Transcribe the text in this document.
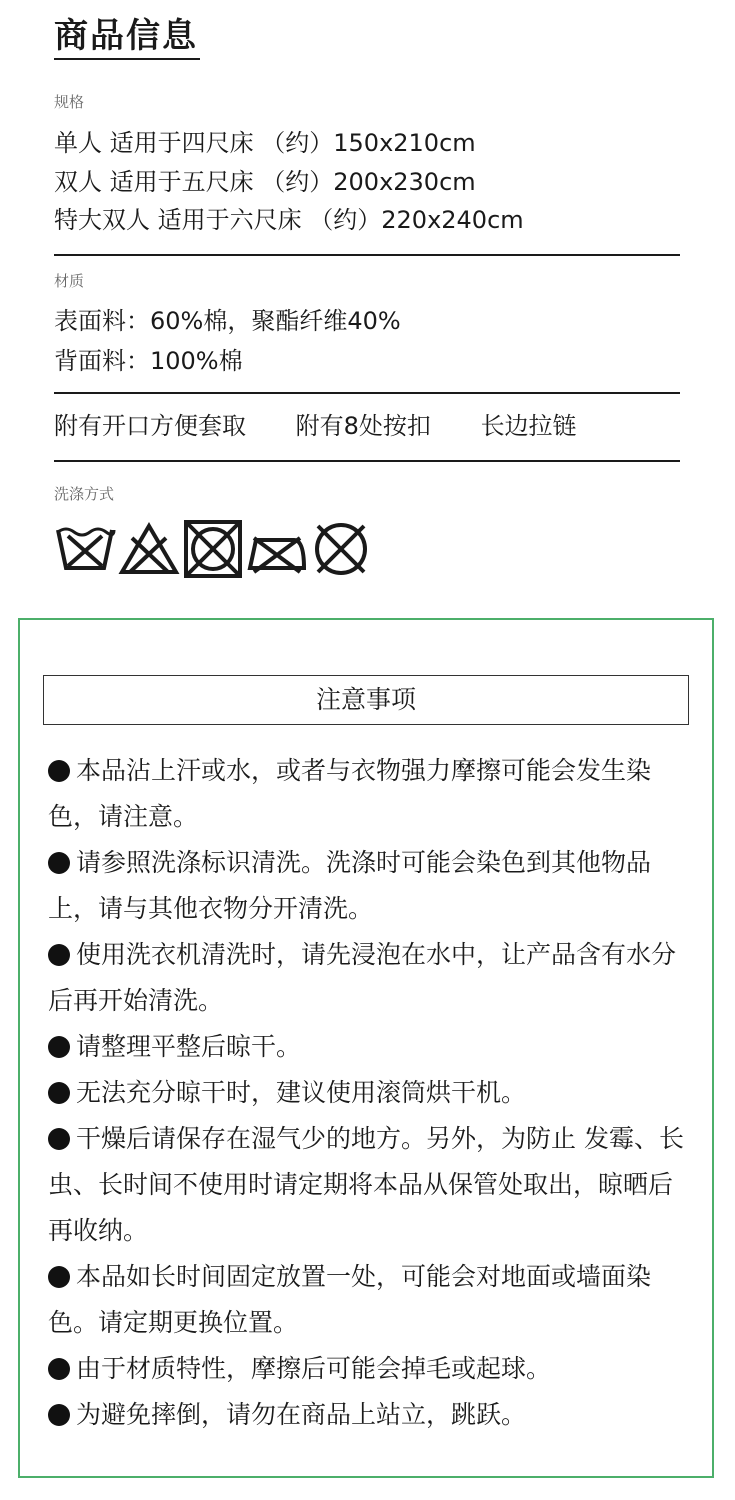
商品信息
规格
单人 适用于四尺床 （约）150x210cm
双人 适用于五尺床 （约）200x230cm
特大双人 适用于六尺床 （约）220x240cm
材质
表面料：60%棉，聚酯纤维40%
背面料：100%棉
附有开口方便套取 附有8处按扣 长边拉链
洗涤方式
注意事项
本品沾上汗或水，或者与衣物强力摩擦可能会发生染色，请注意。
请参照洗涤标识清洗。洗涤时可能会染色到其他物品上，请与其他衣物分开清洗。
使用洗衣机清洗时，请先浸泡在水中，让产品含有水分后再开始清洗。
请整理平整后晾干。
无法充分晾干时，建议使用滚筒烘干机。
干燥后请保存在湿气少的地方。另外，为防止 发霉、长虫、长时间不使用时请定期将本品从保管处取出，晾晒后再收纳。
本品如长时间固定放置一处，可能会对地面或墙面染色。请定期更换位置。
由于材质特性，摩擦后可能会掉毛或起球。
为避免摔倒，请勿在商品上站立，跳跃。
